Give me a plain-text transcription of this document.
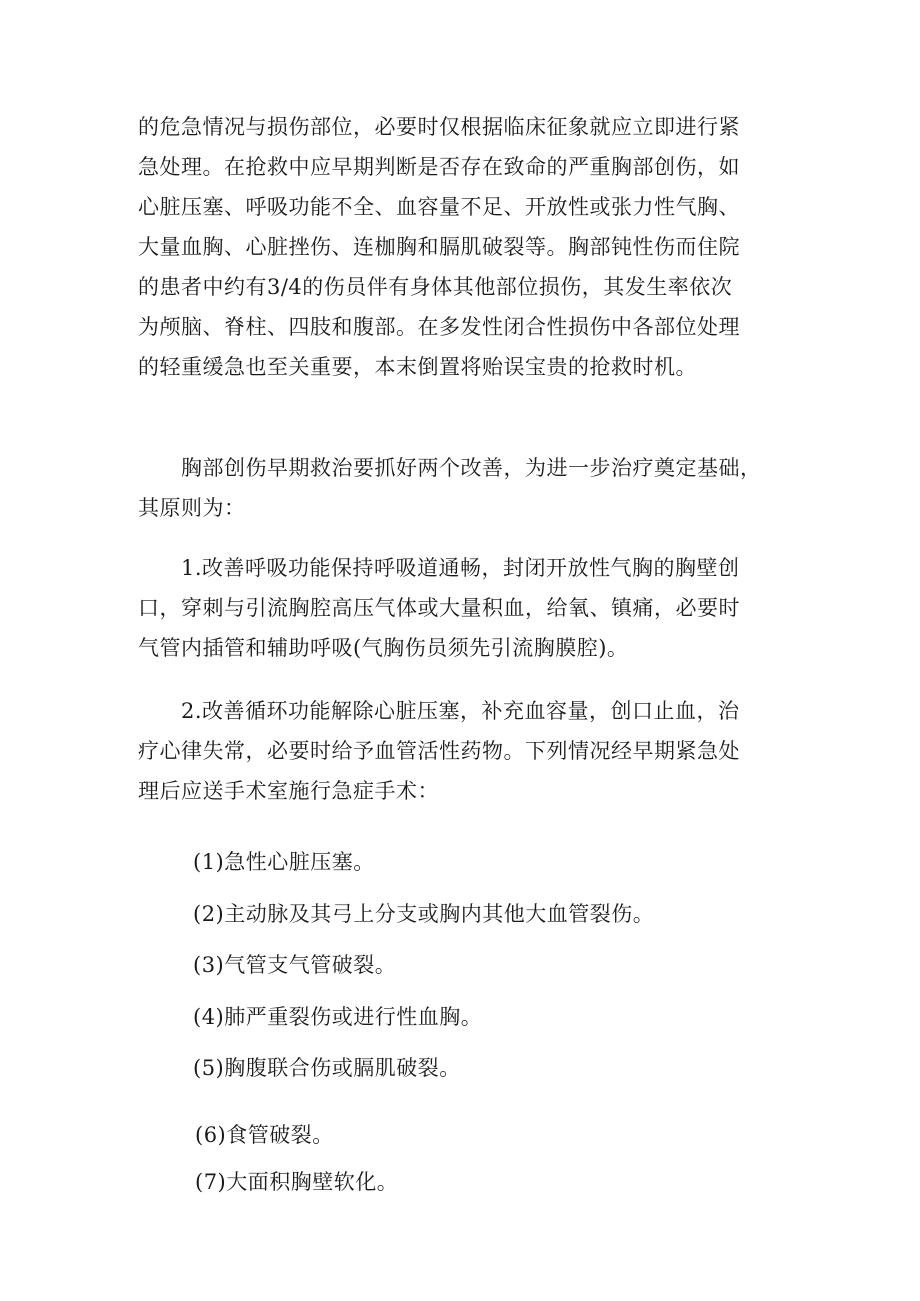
的危急情况与损伤部位，必要时仅根据临床征象就应立即进行紧
急处理。在抢救中应早期判断是否存在致命的严重胸部创伤，如
心脏压塞、呼吸功能不全、血容量不足、开放性或张力性气胸、
大量血胸、心脏挫伤、连枷胸和膈肌破裂等。胸部钝性伤而住院
的患者中约有3/4的伤员伴有身体其他部位损伤，其发生率依次
为颅脑、脊柱、四肢和腹部。在多发性闭合性损伤中各部位处理
的轻重缓急也至关重要，本末倒置将贻误宝贵的抢救时机。
　　胸部创伤早期救治要抓好两个改善，为进一步治疗奠定基础，
其原则为：
　　1.改善呼吸功能保持呼吸道通畅，封闭开放性气胸的胸壁创
口，穿刺与引流胸腔高压气体或大量积血，给氧、镇痛，必要时
气管内插管和辅助呼吸(气胸伤员须先引流胸膜腔)。
　　2.改善循环功能解除心脏压塞，补充血容量，创口止血，治
疗心律失常，必要时给予血管活性药物。下列情况经早期紧急处
理后应送手术室施行急症手术：
(1)急性心脏压塞。
(2)主动脉及其弓上分支或胸内其他大血管裂伤。
(3)气管支气管破裂。
(4)肺严重裂伤或进行性血胸。
(5)胸腹联合伤或膈肌破裂。
(6)食管破裂。
(7)大面积胸壁软化。
